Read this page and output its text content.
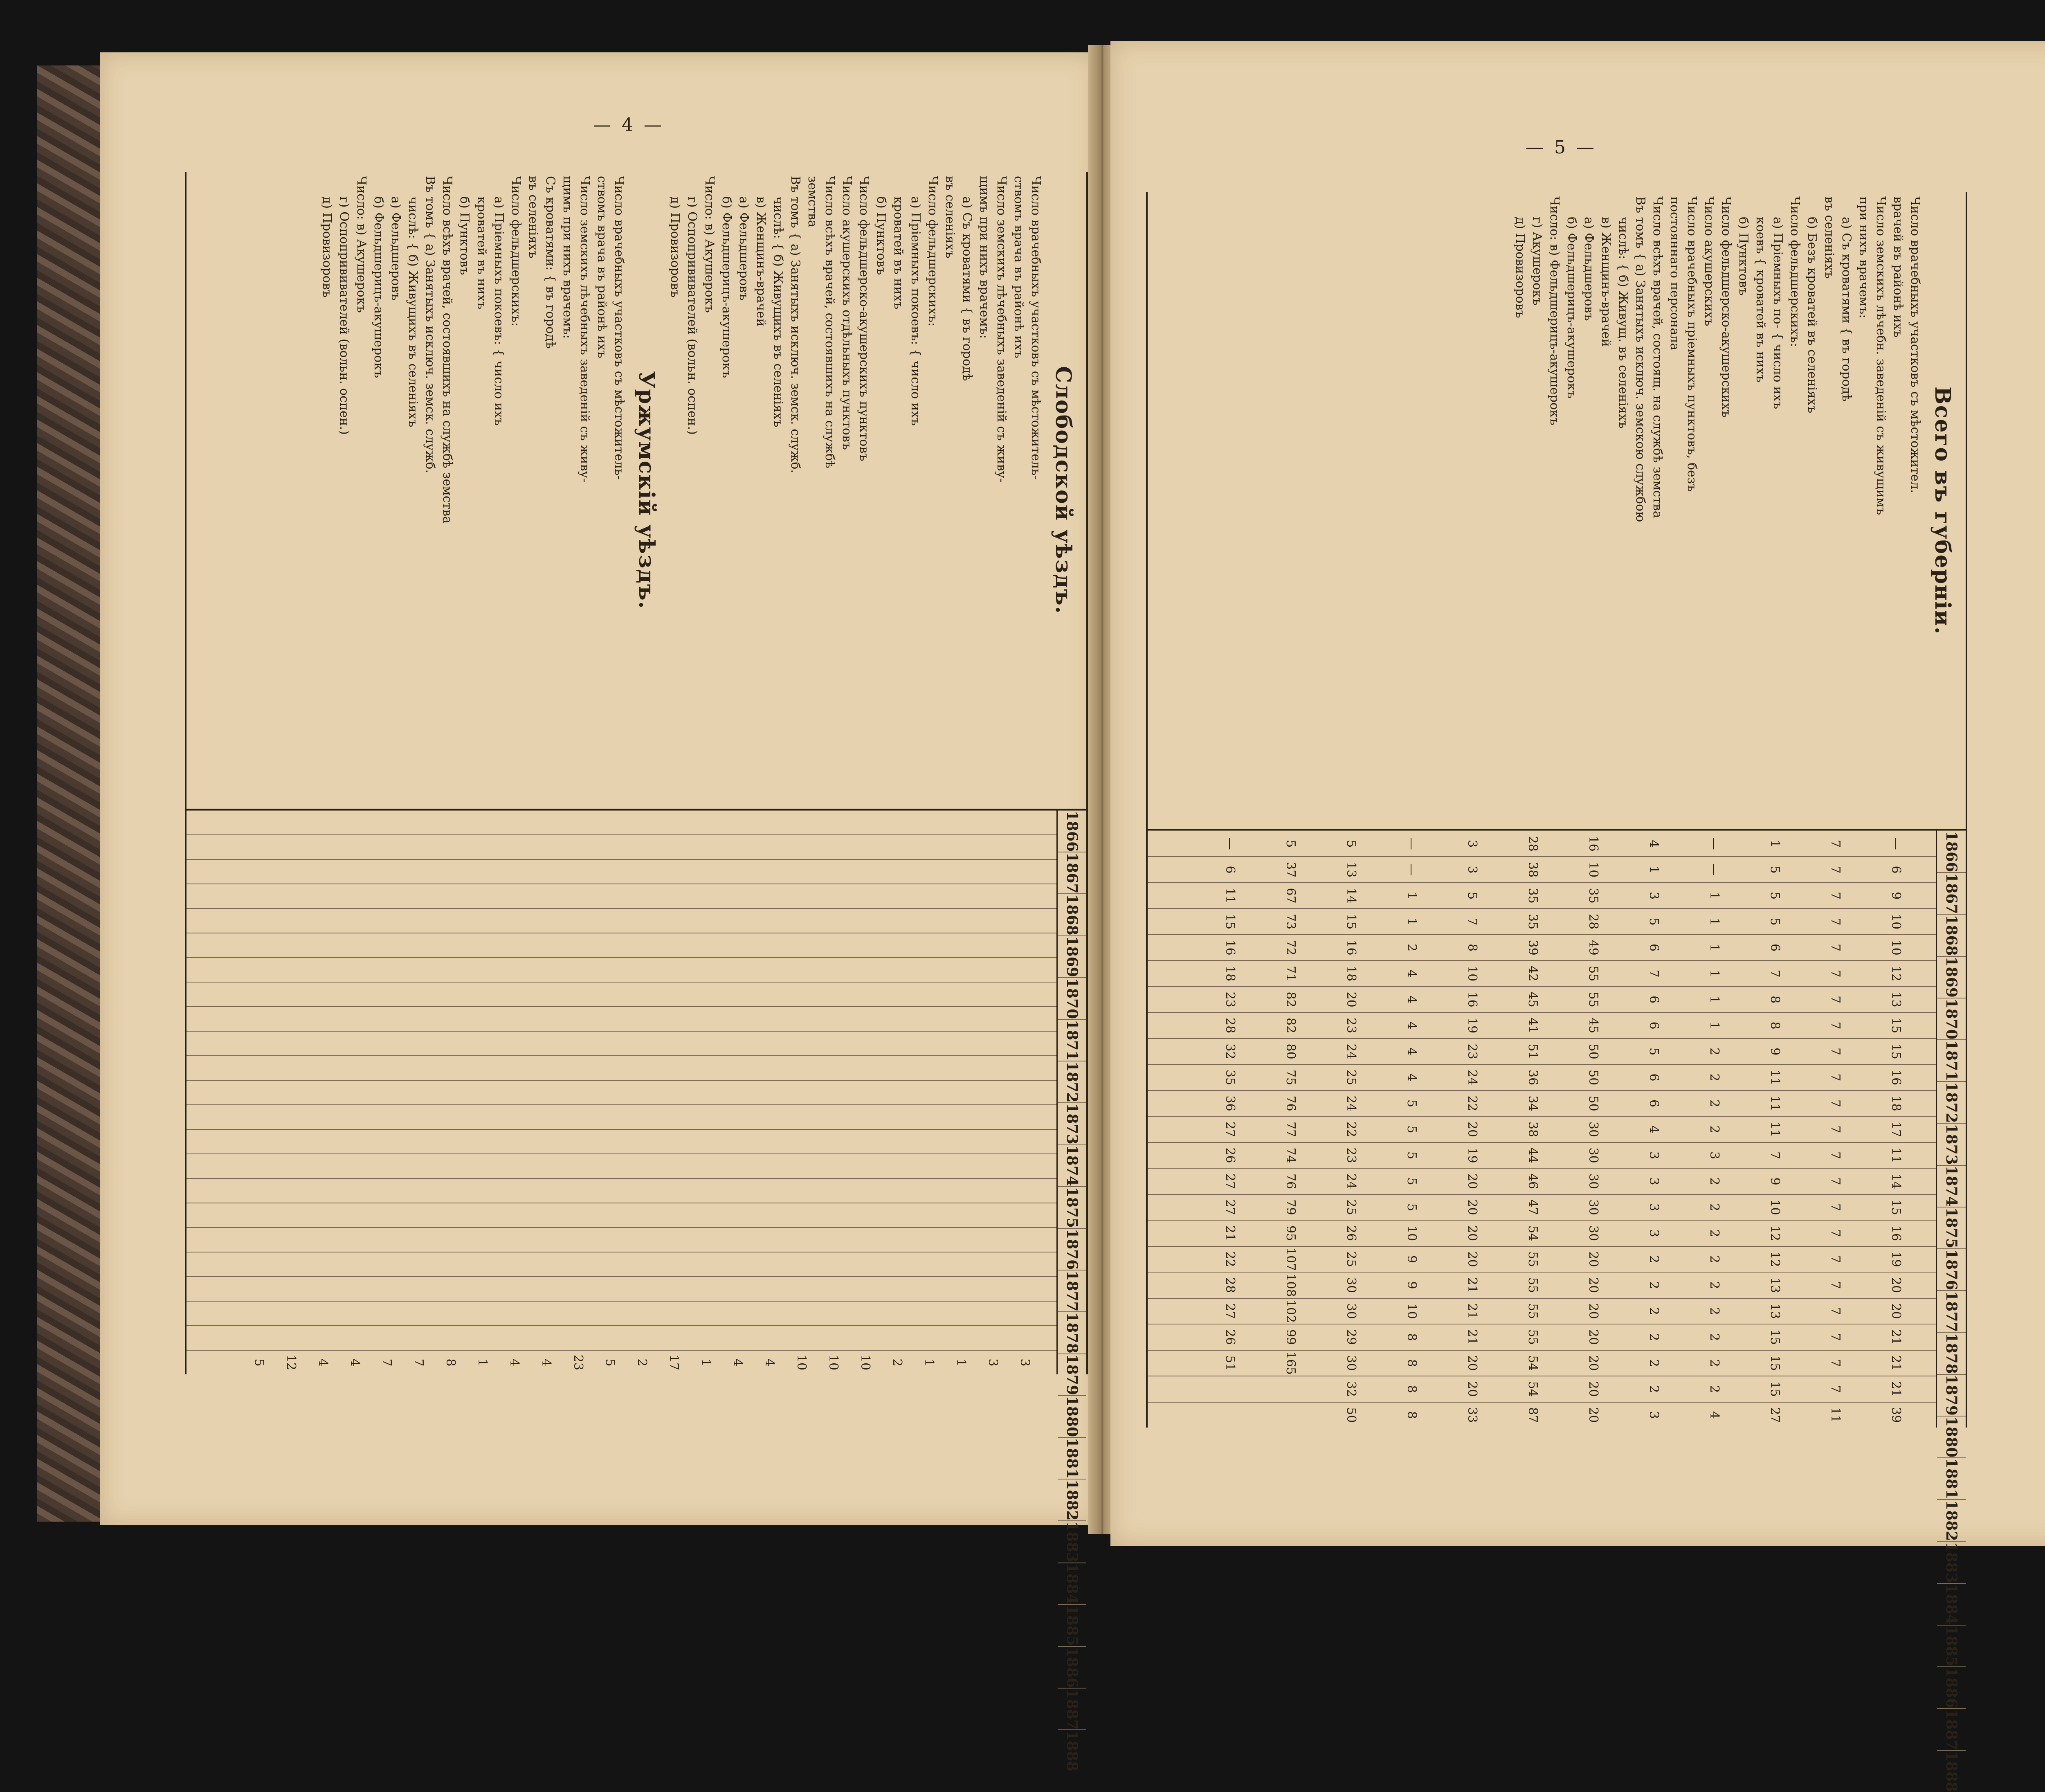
— 4 —
Слободской уѣздъ.
Число врачебныхъ участковъ съ мѣстожитель-
ствомъ врача въ районѣ ихъ
Число земскихъ лѣчебныхъ заведеній съ живу-
щимъ при нихъ врачемъ:
а) Съ кроватями { въ городѣ
въ селеніяхъ
Число фельдшерскихъ:
а) Пріемныхъ покоевъ: { число ихъ
кроватей въ нихъ
б) Пунктовъ
Число фельдшерско-акушерскихъ пунктовъ
Число акушерскихъ отдѣльныхъ пунктовъ
Число всѣхъ врачей, состоявшихъ на службѣ
земства
Въ томъ { а) Занятыхъ исключ. земск. служб.
числѣ: { б) Живущихъ въ селеніяхъ
в) Женщинъ-врачей
а) Фельдшеровъ
б) Фельдшерицъ-акушерокъ
Число: в) Акушерокъ
г) Оспопрививателей (вольн. оспен.)
д) Провизоровъ
Уржумскій уѣздъ.
Число врачебныхъ участковъ съ мѣстожитель-
ствомъ врача въ районѣ ихъ
Число земскихъ лѣчебныхъ заведеній съ живу-
щимъ при нихъ врачемъ:
Съ кроватями: { въ городѣ
въ селеніяхъ
Число фельдшерскихъ:
а) Пріемныхъ покоевъ: { число ихъ
кроватей въ нихъ
б) Пунктовъ
Число всѣхъ врачей, состоявшихъ на службѣ земства
Въ томъ { а) Занятыхъ исключ. земск. служб.
числѣ: { б) Живущихъ въ селеніяхъ
а) Фельдшеровъ
б) Фельдшерицъ-акушерокъ
Число: в) Акушерокъ
г) Оспопрививателей (вольн. оспен.)
д) Провизоровъ
1866
1867
1868
1869
1870
1871
1872
1873
1874
1875
1876
1877
1878
1879
1880
1881
1882
1883
1884
1885
1886
1887
1888
3
3
1
1
2
10
10
10
4
4
1
17
2
5
23
4
4
1
8
7
7
4
4
12
5
— 5 —
Всего въ губерніи.
Число врачебныхъ участковъ съ мѣстожител.
врачей въ районѣ ихъ
Число земскихъ лѣчебн. заведеній съ живущимъ
при нихъ врачемъ:
а) Съ кроватями { въ городѣ
въ селеніяхъ
б) Безъ кроватей въ селеніяхъ
Число фельдшерскихъ:
а) Пріемныхъ по- { число ихъ
коевъ { кроватей въ нихъ
б) Пунктовъ
Число фельдшерско-акушерскихъ
Число акушерскихъ
Число врачебныхъ пріемныхъ пунктовъ, безъ
постояннаго персонала
Число всѣхъ врачей, состоящ. на службѣ земства
Въ томъ { а) Занятыхъ исключ. земскою службою
числѣ: { б) Живущ. въ селеніяхъ
в) Женщинъ-врачей
а) Фельдшеровъ
б) Фельдшерицъ-акушерокъ
Число: в) Фельдшерицъ-акушерокъ
г) Акушерокъ
д) Провизоровъ
1866
1867
1868
1869
1870
1871
1872
1873
1874
1875
1876
1877
1878
1879
1880
1881
1882
1883
1884
1885
1886
1887
1888
—
7
1
—
4
16
28
3
—
5
5
—
6
7
5
—
1
10
38
3
—
13
37
6
9
7
5
1
3
35
35
5
1
14
67
11
10
7
5
1
5
28
35
7
1
15
73
15
10
7
6
1
6
49
39
8
2
16
72
16
12
7
7
1
7
55
42
10
4
18
71
18
13
7
8
1
6
55
45
16
4
20
82
23
15
7
8
1
6
45
41
19
4
23
82
28
15
7
9
2
5
50
51
23
4
24
80
32
16
7
11
2
6
50
36
24
4
25
75
35
18
7
11
2
6
50
34
22
5
24
76
36
17
7
11
2
4
30
38
20
5
22
77
27
11
7
7
3
3
30
44
19
5
23
74
26
14
7
9
2
3
30
46
20
5
24
76
27
15
7
10
2
3
30
47
20
5
25
79
27
16
7
12
2
3
30
54
20
10
26
95
21
19
7
12
2
2
20
55
20
9
25
107
22
20
7
13
2
2
20
55
21
9
30
108
28
20
7
13
2
2
20
55
21
10
30
102
27
21
7
15
2
2
20
55
21
8
29
99
26
21
7
15
2
2
20
54
20
8
30
165
51
21
7
15
2
2
20
54
20
8
32
39
11
27
4
3
20
87
33
8
50
